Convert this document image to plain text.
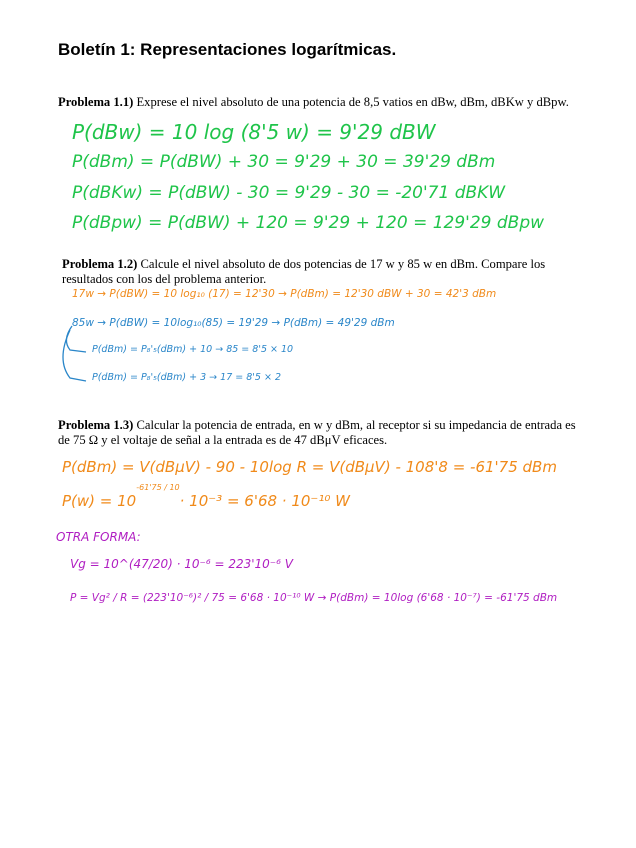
Boletín 1: Representaciones logarítmicas.
Problema 1.1) Exprese el nivel absoluto de una potencia de 8,5 vatios en dBw, dBm, dBKw y dBpw.
P(dBw) = 10 log (8'5 w) = 9'29 dBW
P(dBm) = P(dBW) + 30 = 9'29 + 30 = 39'29 dBm
P(dBKw) = P(dBW) - 30 = 9'29 - 30 = -20'71 dBKW
P(dBpw) = P(dBW) + 120 = 9'29 + 120 = 129'29 dBpw
Problema 1.2) Calcule el nivel absoluto de dos potencias de 17 w y 85 w en dBm. Compare los resultados con los del problema anterior.
17w → P(dBW) = 10 log₁₀ (17) = 12'30 → P(dBm) = 12'30 dBW + 30 = 42'3 dBm
85w → P(dBW) = 10log₁₀(85) = 19'29 → P(dBm) = 49'29 dBm
P(dBm) = P₈'₅(dBm) + 10 → 85 = 8'5 × 10
P(dBm) = P₈'₅(dBm) + 3 → 17 = 8'5 × 2
Problema 1.3) Calcular la potencia de entrada, en w y dBm, al receptor si su impedancia de entrada es de 75 Ω y el voltaje de señal a la entrada es de 47 dBμV eficaces.
P(dBm) = V(dBμV) - 90 - 10log R = V(dBμV) - 108'8 = -61'75 dBm
$P(w) = 10^{-61'75 / 10}\cdot 10^{-3} = 6'68 \cdot 10^{-10}$ W
OTRA FORMA:
Vg = 10^(47/20) · 10⁻⁶ = 223'10⁻⁶ V
P = Vg² / R = (223'10⁻⁶)² / 75 = 6'68 · 10⁻¹⁰ W → P(dBm) = 10log (6'68 · 10⁻⁷) = -61'75 dBm
